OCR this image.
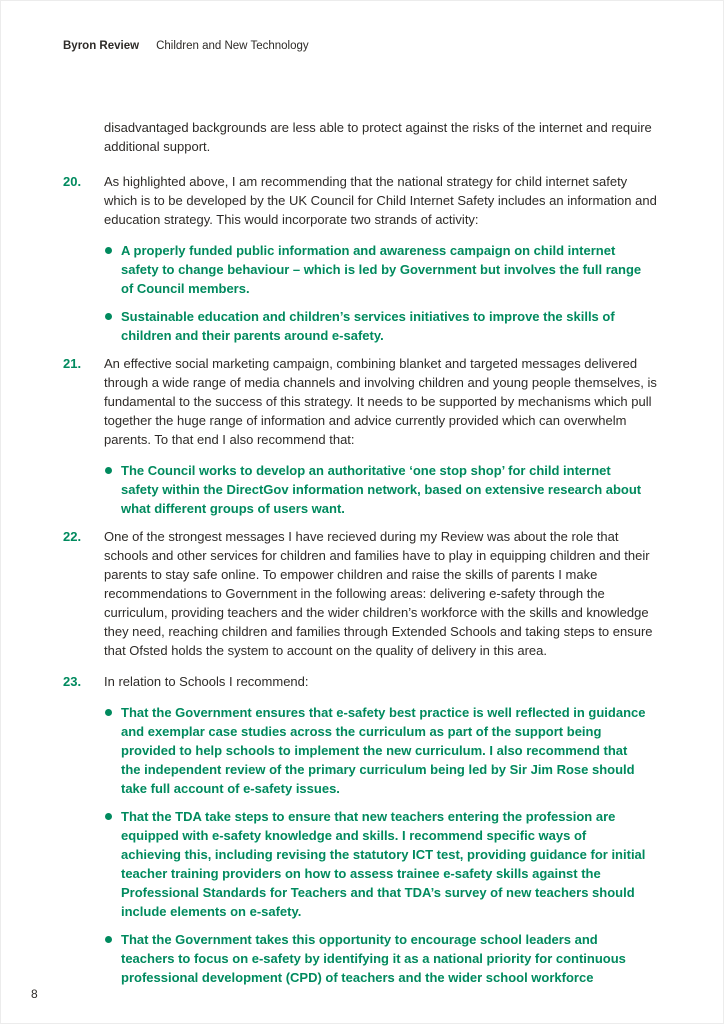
Byron Review Children and New Technology

disadvantaged backgrounds are less able to protect against the risks of the internet and require additional support.

20.	As highlighted above, I am recommending that the national strategy for child internet safety which is to be developed by the UK Council for Child Internet Safety includes an information and education strategy. This would incorporate two strands of activity:

A properly funded public information and awareness campaign on child internet safety to change behaviour – which is led by Government but involves the full range of Council members.

Sustainable education and children’s services initiatives to improve the skills of children and their parents around e-safety.

21.	An effective social marketing campaign, combining blanket and targeted messages delivered through a wide range of media channels and involving children and young people themselves, is fundamental to the success of this strategy. It needs to be supported by mechanisms which pull together the huge range of information and advice currently provided which can overwhelm parents. To that end I also recommend that:

The Council works to develop an authoritative ‘one stop shop’ for child internet safety within the DirectGov information network, based on extensive research about what different groups of users want.

22.	One of the strongest messages I have recieved during my Review was about the role that schools and other services for children and families have to play in equipping children and their parents to stay safe online. To empower children and raise the skills of parents I make recommendations to Government in the following areas: delivering e-safety through the curriculum, providing teachers and the wider children’s workforce with the skills and knowledge they need, reaching children and families through Extended Schools and taking steps to ensure that Ofsted holds the system to account on the quality of delivery in this area.

23.	In relation to Schools I recommend:

That the Government ensures that e-safety best practice is well reflected in guidance and exemplar case studies across the curriculum as part of the support being provided to help schools to implement the new curriculum. I also recommend that the independent review of the primary curriculum being led by Sir Jim Rose should take full account of e-safety issues.

That the TDA take steps to ensure that new teachers entering the profession are equipped with e-safety knowledge and skills. I recommend specific ways of achieving this, including revising the statutory ICT test, providing guidance for initial teacher training providers on how to assess trainee e-safety skills against the Professional Standards for Teachers and that TDA’s survey of new teachers should include elements on e-safety.

That the Government takes this opportunity to encourage school leaders and teachers to focus on e-safety by identifying it as a national priority for continuous professional development (CPD) of teachers and the wider school workforce

8
